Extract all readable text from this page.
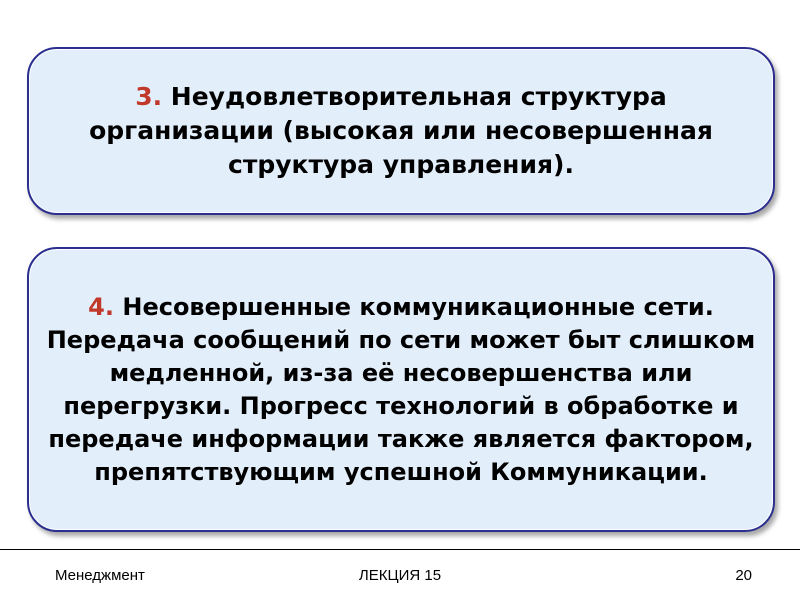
3. Неудовлетворительная структура организации (высокая или несовершенная структура управления).
4. Несовершенные коммуникационные сети. Передача сообщений по сети может быт слишком медленной, из-за её несовершенства или перегрузки. Прогресс технологий в обработке и передаче информации также является фактором, препятствующим успешной Коммуникации.
Менеджмент	ЛЕКЦИЯ 15	20
